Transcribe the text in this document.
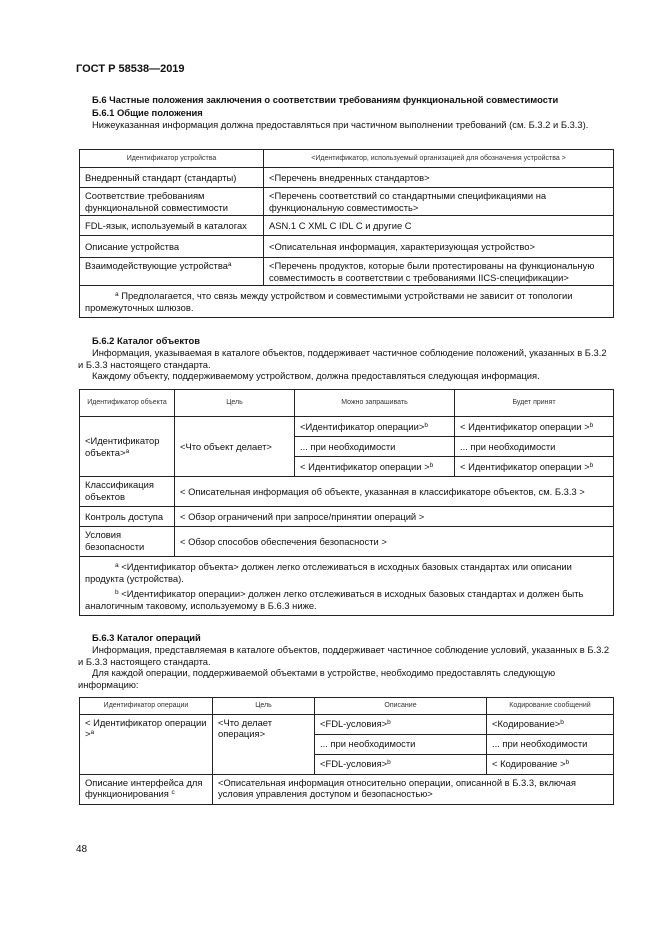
ГОСТ Р 58538—2019
Б.6 Частные положения заключения о соответствии требованиям функциональной совместимости
Б.6.1 Общие положения
Нижеуказанная информация должна предоставляться при частичном выполнении требований (см. Б.3.2 и Б.3.3).
Идентификатор устройства	<Идентификатор, используемый организацией для обозначения устройства >
Внедренный стандарт (стандарты)	<Перечень внедренных стандартов>
Соответствие требованиям функциональной совместимости	<Перечень соответствий со стандартными спецификациями на функциональную совместимость>
FDL-язык, используемый в каталогах	ASN.1 C XML C IDL C и другие C
Описание устройства	<Описательная информация, характеризующая устройство>
Взаимодействующие устройства$^a$	<Перечень продуктов, которые были протестированы на функциональную совместимость в соответствии с требованиями IICS-спецификации>
$^a$ Предполагается, что связь между устройством и совместимыми устройствами не зависит от топологии промежуточных шлюзов.	
Б.6.2 Каталог объектов
Информация, указываемая в каталоге объектов, поддерживает частичное соблюдение положений, указанных в Б.3.2 и Б.3.3 настоящего стандарта.
Каждому объекту, поддерживаемому устройством, должна предоставляться следующая информация.
Идентификатор объекта	Цель	Можно запрашивать	Будет принят
<Идентификатор объекта>$^a$	<Что объект делает>	<Идентификатор операции>$^b$	< Идентификатор операции >$^b$
		... при необходимости	... при необходимости
		< Идентификатор операции >$^b$	< Идентификатор операции >$^b$
Классификация объектов	< Описательная информация об объекте, указанная в классификаторе объектов, см. Б.3.3 >		
Контроль доступа	< Обзор ограничений при запросе/принятии операций >		
Условия безопасности	< Обзор способов обеспечения безопасности >		

$^a$ <Идентификатор объекта> должен легко отслеживаться в исходных базовых стандартах или описании продукта (устройства).
$^b$ <Идентификатор операции> должен легко отслеживаться в исходных базовых стандартах и должен быть аналогичным таковому, используемому в Б.6.3 ниже.			
Б.6.3 Каталог операций
Информация, представляемая в каталоге объектов, поддерживает частичное соблюдение условий, указанных в Б.3.2 и Б.3.3 настоящего стандарта.
Для каждой операции, поддерживаемой объектами в устройстве, необходимо предоставлять следующую информацию:
Идентификатор операции	Цель	Описание	Кодирование сообщений
< Идентификатор операции >$^a$	<Что делает операция>	<FDL-условия>$^b$	<Кодирование>$^b$
		... при необходимости	... при необходимости
		<FDL-условия>$^b$	< Кодирование >$^b$
Описание интерфейса для функционирования $^c$	<Описательная информация относительно операции, описанной в Б.3.3, включая условия управления доступом и безопасностью>		
48
